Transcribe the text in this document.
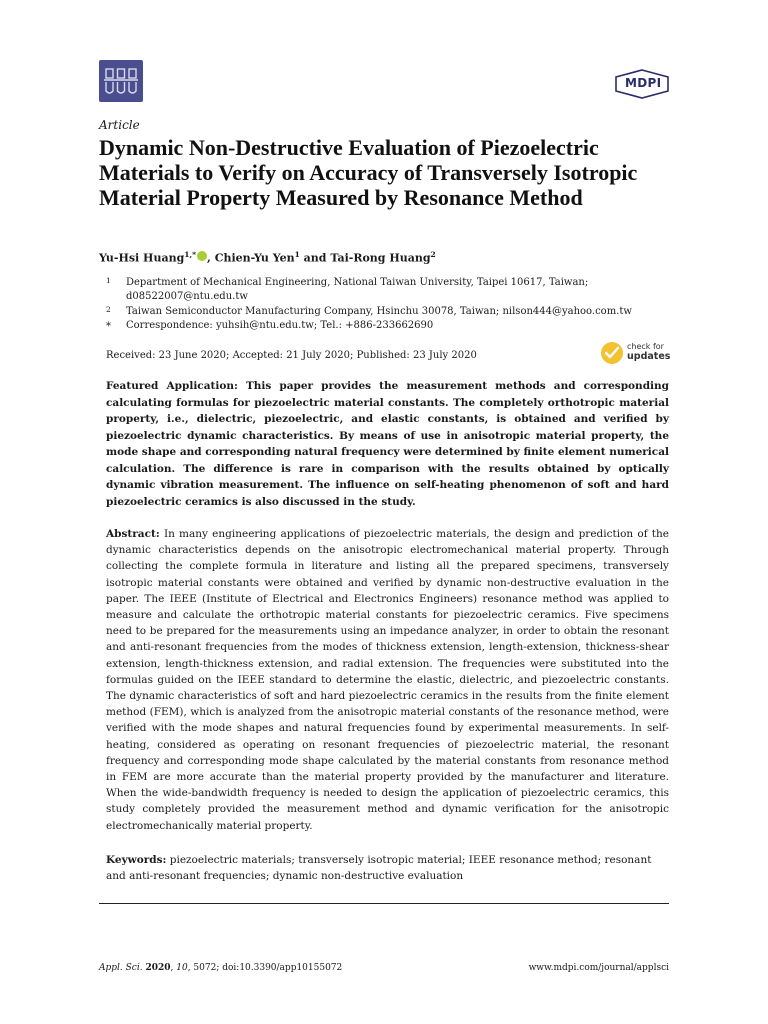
MDPI
Article
Dynamic Non-Destructive Evaluation of Piezoelectric Materials to Verify on Accuracy of Transversely Isotropic Material Property Measured by Resonance Method
Yu-Hsi Huang$^{1,*}$ , Chien-Yu Yen$^1$ and Tai-Rong Huang$^2$
1 Department of Mechanical Engineering, National Taiwan University, Taipei 10617, Taiwan;
d08522007@ntu.edu.tw
2 Taiwan Semiconductor Manufacturing Company, Hsinchu 30078, Taiwan; nilson444@yahoo.com.tw
* Correspondence: yuhsih@ntu.edu.tw; Tel.: +886-233662690
Received: 23 June 2020; Accepted: 21 July 2020; Published: 23 July 2020
check for
updates
Featured Application: This paper provides the measurement methods and corresponding calculating formulas for piezoelectric material constants. The completely orthotropic material property, i.e., dielectric, piezoelectric, and elastic constants, is obtained and verified by piezoelectric dynamic characteristics. By means of use in anisotropic material property, the mode shape and corresponding natural frequency were determined by finite element numerical calculation. The difference is rare in comparison with the results obtained by optically dynamic vibration measurement. The influence on self-heating phenomenon of soft and hard piezoelectric ceramics is also discussed in the study.
Abstract: In many engineering applications of piezoelectric materials, the design and prediction of the dynamic characteristics depends on the anisotropic electromechanical material property. Through collecting the complete formula in literature and listing all the prepared specimens, transversely isotropic material constants were obtained and verified by dynamic non-destructive evaluation in the paper. The IEEE (Institute of Electrical and Electronics Engineers) resonance method was applied to measure and calculate the orthotropic material constants for piezoelectric ceramics. Five specimens need to be prepared for the measurements using an impedance analyzer, in order to obtain the resonant and anti-resonant frequencies from the modes of thickness extension, length-extension, thickness-shear extension, length-thickness extension, and radial extension. The frequencies were substituted into the formulas guided on the IEEE standard to determine the elastic, dielectric, and piezoelectric constants. The dynamic characteristics of soft and hard piezoelectric ceramics in the results from the finite element method (FEM), which is analyzed from the anisotropic material constants of the resonance method, were verified with the mode shapes and natural frequencies found by experimental measurements. In self-heating, considered as operating on resonant frequencies of piezoelectric material, the resonant frequency and corresponding mode shape calculated by the material constants from resonance method in FEM are more accurate than the material property provided by the manufacturer and literature. When the wide-bandwidth frequency is needed to design the application of piezoelectric ceramics, this study completely provided the measurement method and dynamic verification for the anisotropic electromechanically material property.
Keywords: piezoelectric materials; transversely isotropic material; IEEE resonance method; resonant and anti-resonant frequencies; dynamic non-destructive evaluation
Appl. Sci. 2020, 10, 5072; doi:10.3390/app10155072	www.mdpi.com/journal/applsci
